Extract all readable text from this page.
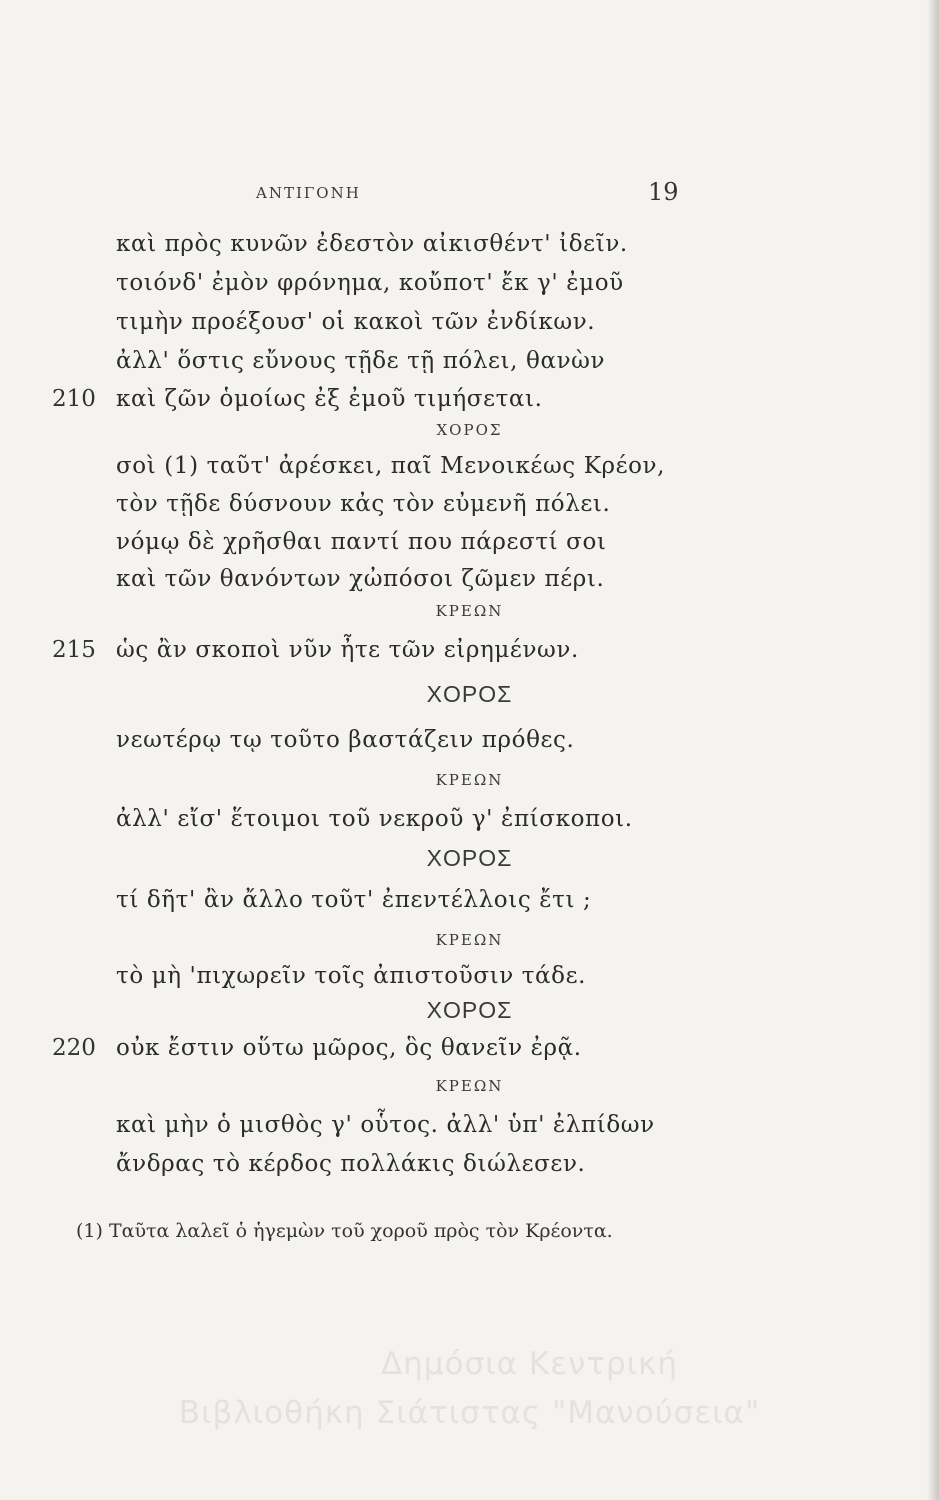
ΑΝΤΙΓΟΝΗ	19
καὶ πρὸς κυνῶν ἐδεστὸν αἰκισθέντ' ἰδεῖν.
τοιόνδ' ἐμὸν φρόνημα, κοὔποτ' ἔκ γ' ἐμοῦ
τιμὴν προέξουσ' οἱ κακοὶ τῶν ἐνδίκων.
ἀλλ' ὅστις εὔνους τῇδε τῇ πόλει, θανὼν
210 καὶ ζῶν ὁμοίως ἐξ ἐμοῦ τιμήσεται.
ΧΟΡΟΣ
σοὶ (1) ταῦτ' ἀρέσκει, παῖ Μενοικέως Κρέον,
τὸν τῇδε δύσνουν κἀς τὸν εὐμενῆ πόλει.
νόμῳ δὲ χρῆσθαι παντί που πάρεστί σοι
καὶ τῶν θανόντων χὠπόσοι ζῶμεν πέρι.
ΚΡΕΩΝ
215 ὡς ἂν σκοποὶ νῦν ἦτε τῶν εἰρημένων.
ΧΟΡΟΣ
νεωτέρῳ τῳ τοῦτο βαστάζειν πρόθες.
ΚΡΕΩΝ
ἀλλ' εἴσ' ἕτοιμοι τοῦ νεκροῦ γ' ἐπίσκοποι.
ΧΟΡΟΣ
τί δῆτ' ἂν ἄλλο τοῦτ' ἐπεντέλλοις ἔτι ;
ΚΡΕΩΝ
τὸ μὴ 'πιχωρεῖν τοῖς ἀπιστοῦσιν τάδε.
ΧΟΡΟΣ
220 οὐκ ἔστιν οὕτω μῶρος, ὃς θανεῖν ἐρᾷ.
ΚΡΕΩΝ
καὶ μὴν ὁ μισθὸς γ' οὗτος. ἀλλ' ὑπ' ἐλπίδων
ἄνδρας τὸ κέρδος πολλάκις διώλεσεν.
(1) Ταῦτα λαλεῖ ὁ ἡγεμὼν τοῦ χοροῦ πρὸς τὸν Κρέοντα.
Δημόσια Κεντρική
Βιβλιοθήκη Σιάτιστας "Μανούσεια"
